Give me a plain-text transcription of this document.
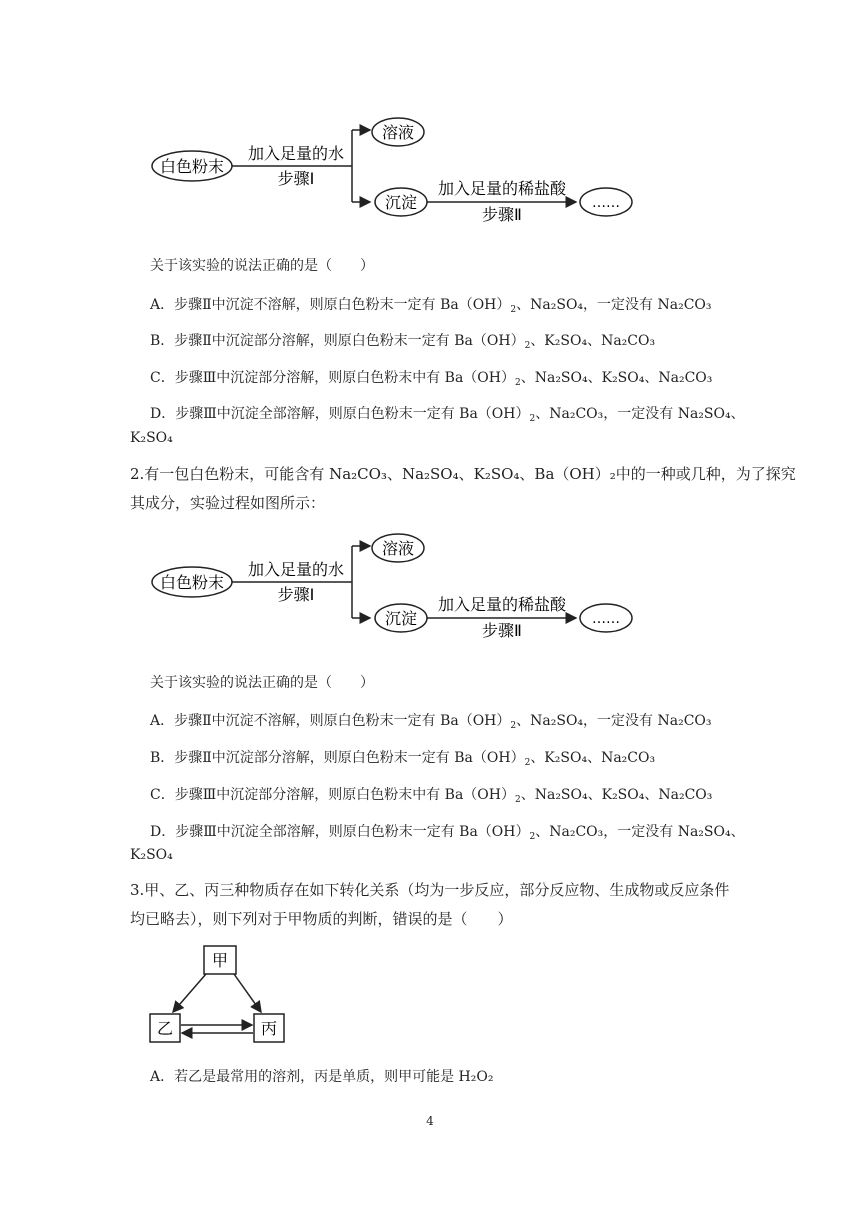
白色粉末
加入足量的水
步骤Ⅰ
溶液
沉淀
加入足量的稀盐酸
步骤Ⅱ
……
关于该实验的说法正确的是（　　）
A．步骤Ⅱ中沉淀不溶解，则原白色粉末一定有 $Ba(OH)_2$、Na₂SO₄，一定没有 Na₂CO₃
B．步骤Ⅱ中沉淀部分溶解，则原白色粉末一定有 $Ba(OH)_2$、K₂SO₄、Na₂CO₃
C．步骤Ⅲ中沉淀部分溶解，则原白色粉末中有 $Ba(OH)_2$、Na₂SO₄、K₂SO₄、Na₂CO₃
D．步骤Ⅲ中沉淀全部溶解，则原白色粉末一定有 $Ba(OH)_2$、Na₂CO₃，一定没有 Na₂SO₄、
K₂SO₄
2.有一包白色粉末，可能含有 Na₂CO₃、Na₂SO₄、K₂SO₄、Ba（OH）₂中的一种或几种，为了探究
其成分，实验过程如图所示：
白色粉末
加入足量的水
步骤Ⅰ
溶液
沉淀
加入足量的稀盐酸
步骤Ⅱ
……
关于该实验的说法正确的是（　　）
A．步骤Ⅱ中沉淀不溶解，则原白色粉末一定有 $Ba(OH)_2$、Na₂SO₄，一定没有 Na₂CO₃
B．步骤Ⅱ中沉淀部分溶解，则原白色粉末一定有 $Ba(OH)_2$、K₂SO₄、Na₂CO₃
C．步骤Ⅲ中沉淀部分溶解，则原白色粉末中有 $Ba(OH)_2$、Na₂SO₄、K₂SO₄、Na₂CO₃
D．步骤Ⅲ中沉淀全部溶解，则原白色粉末一定有 $Ba(OH)_2$、Na₂CO₃，一定没有 Na₂SO₄、
K₂SO₄
3.甲、乙、丙三种物质存在如下转化关系（均为一步反应，部分反应物、生成物或反应条件
均已略去），则下列对于甲物质的判断，错误的是（　　）
甲
乙	丙
A．若乙是最常用的溶剂，丙是单质，则甲可能是 H₂O₂
4
